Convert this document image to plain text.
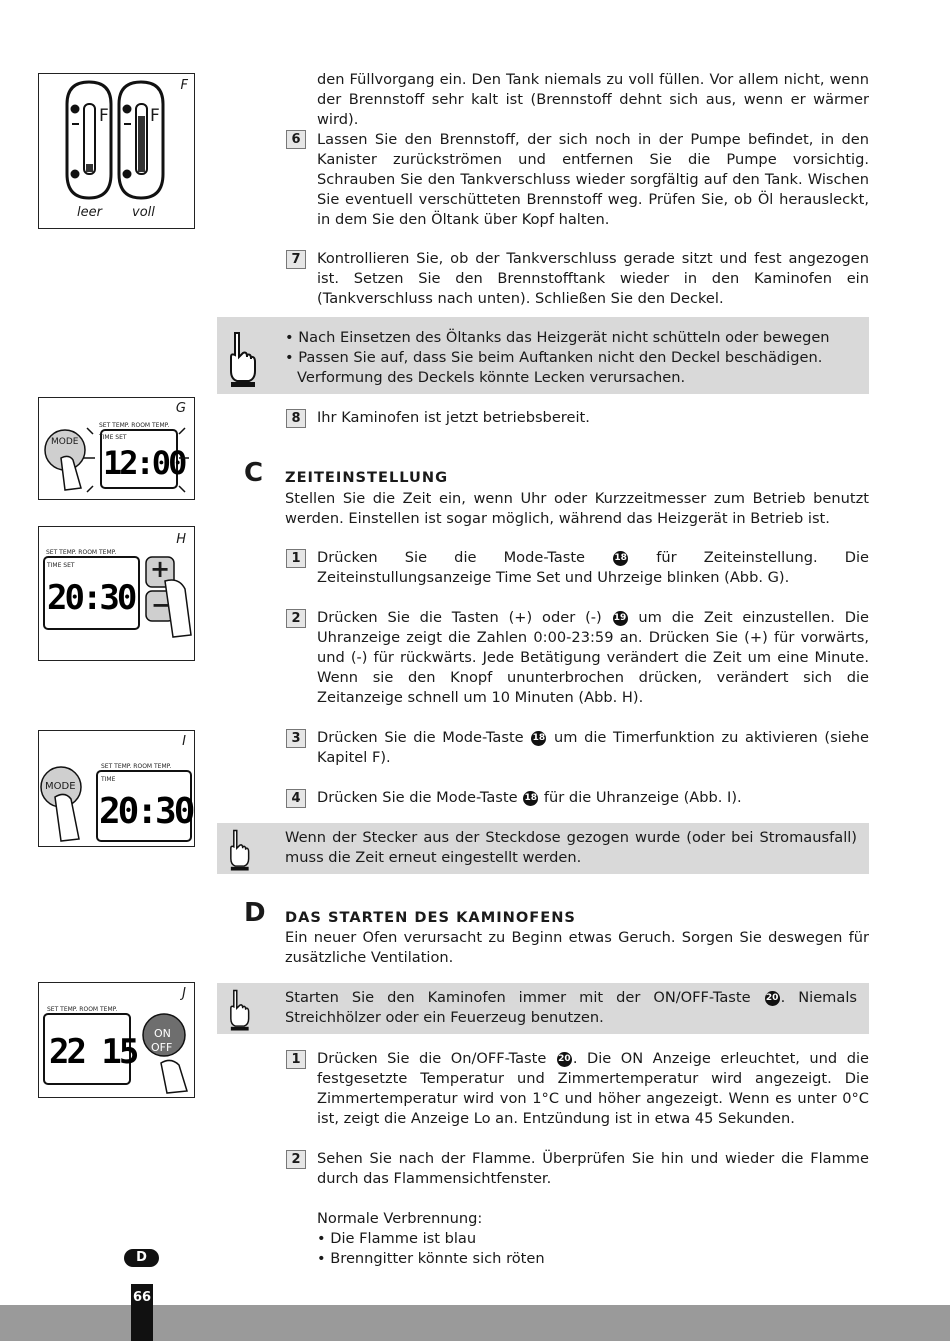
F
F F
leer voll
den Füllvorgang ein. Den Tank niemals zu voll füllen. Vor allem nicht, wenn der Brennstoff sehr kalt ist (Brennstoff dehnt sich aus, wenn er wärmer wird).
6	Lassen Sie den Brennstoff, der sich noch in der Pumpe befindet, in den Kanister zurückströmen und entfernen Sie die Pumpe vorsichtig. Schrauben Sie den Tankverschluss wieder sorgfältig auf den Tank. Wischen Sie eventuell verschütteten Brennstoff weg. Prüfen Sie, ob Öl herausleckt, in dem Sie den Öltank über Kopf halten.
7	Kontrollieren Sie, ob der Tankverschluss gerade sitzt und fest angezogen ist. Setzen Sie den Brennstofftank wieder in den Kaminofen ein (Tankverschluss nach unten). Schließen Sie den Deckel.
• Nach Einsetzen des Öltanks das Heizgerät nicht schütteln oder bewegen
• Passen Sie auf, dass Sie beim Auftanken nicht den Deckel beschädigen.
Verformung des Deckels könnte Lecken verursachen.
G
SET TEMP. ROOM TEMP.
TIME SET
12:00
MODE
8	Ihr Kaminofen ist jetzt betriebsbereit.
C ZEITEINSTELLUNG
Stellen Sie die Zeit ein, wenn Uhr oder Kurzzeitmesser zum Betrieb benutzt werden. Einstellen ist sogar möglich, während das Heizgerät in Betrieb ist.
H
SET TEMP. ROOM TEMP.
TIME SET
20:30
+
−
1	Drücken Sie die Mode-Taste 18 für Zeiteinstellung. Die Zeiteinstullungsanzeige Time Set und Uhrzeige blinken (Abb. G).
2	Drücken Sie die Tasten (+) oder (-) 19 um die Zeit einzustellen. Die Uhranzeige zeigt die Zahlen 0:00-23:59 an. Drücken Sie (+) für vorwärts, und (-) für rückwärts. Jede Betätigung verändert die Zeit um eine Minute. Wenn sie den Knopf ununterbrochen drücken, verändert sich die Zeitanzeige schnell um 10 Minuten (Abb. H).
I
SET TEMP. ROOM TEMP.
TIME
20:30
MODE
3	Drücken Sie die Mode-Taste 18 um die Timerfunktion zu aktivieren (siehe Kapitel F).
4	Drücken Sie die Mode-Taste 18 für die Uhranzeige (Abb. I).
Wenn der Stecker aus der Steckdose gezogen wurde (oder bei Stromausfall) muss die Zeit erneut eingestellt werden.
D DAS STARTEN DES KAMINOFENS
Ein neuer Ofen verursacht zu Beginn etwas Geruch. Sorgen Sie deswegen für zusätzliche Ventilation.
J
SET TEMP. ROOM TEMP.
22 15 ON
OFF
Starten Sie den Kaminofen immer mit der ON/OFF-Taste 20 . Niemals Streichhölzer oder ein Feuerzeug benutzen.
1	Drücken Sie die On/OFF-Taste 20 . Die ON Anzeige erleuchtet, und die festgesetzte Temperatur und Zimmertemperatur wird angezeigt. Die Zimmertemperatur wird von 1°C und höher angezeigt. Wenn es unter 0°C ist, zeigt die Anzeige Lo an. Entzündung ist in etwa 45 Sekunden.
2	Sehen Sie nach der Flamme. Überprüfen Sie hin und wieder die Flamme durch das Flammensichtfenster.
Normale Verbrennung:
• Die Flamme ist blau
• Brenngitter könnte sich röten
D
66
